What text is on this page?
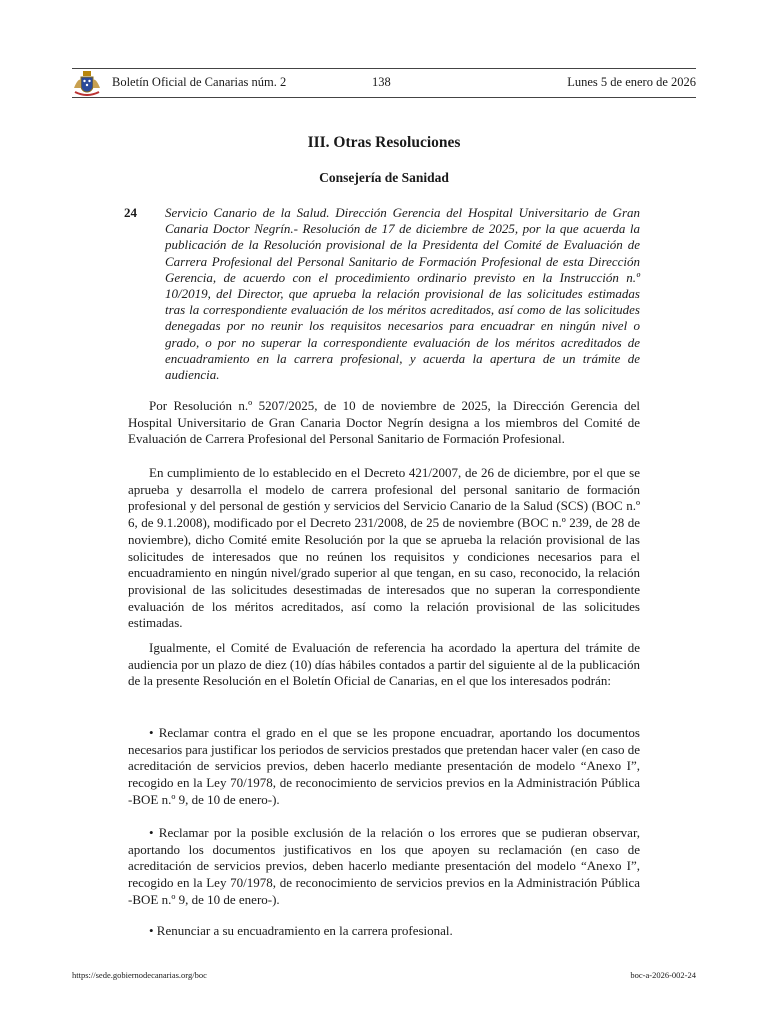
Boletín Oficial de Canarias núm. 2	138	Lunes 5 de enero de 2026
III. Otras Resoluciones
Consejería de Sanidad
24 Servicio Canario de la Salud. Dirección Gerencia del Hospital Universitario de Gran Canaria Doctor Negrín.- Resolución de 17 de diciembre de 2025, por la que acuerda la publicación de la Resolución provisional de la Presidenta del Comité de Evaluación de Carrera Profesional del Personal Sanitario de Formación Profesional de esta Dirección Gerencia, de acuerdo con el procedimiento ordinario previsto en la Instrucción n.º 10/2019, del Director, que aprueba la relación provisional de las solicitudes estimadas tras la correspondiente evaluación de los méritos acreditados, así como de las solicitudes denegadas por no reunir los requisitos necesarios para encuadrar en ningún nivel o grado, o por no superar la correspondiente evaluación de los méritos acreditados de encuadramiento en la carrera profesional, y acuerda la apertura de un trámite de audiencia.

Por Resolución n.º 5207/2025, de 10 de noviembre de 2025, la Dirección Gerencia del Hospital Universitario de Gran Canaria Doctor Negrín designa a los miembros del Comité de Evaluación de Carrera Profesional del Personal Sanitario de Formación Profesional.

En cumplimiento de lo establecido en el Decreto 421/2007, de 26 de diciembre, por el que se aprueba y desarrolla el modelo de carrera profesional del personal sanitario de formación profesional y del personal de gestión y servicios del Servicio Canario de la Salud (SCS) (BOC n.º 6, de 9.1.2008), modificado por el Decreto 231/2008, de 25 de noviembre (BOC n.º 239, de 28 de noviembre), dicho Comité emite Resolución por la que se aprueba la relación provisional de las solicitudes de interesados que no reúnen los requisitos y condiciones necesarios para el encuadramiento en ningún nivel/grado superior al que tengan, en su caso, reconocido, la relación provisional de las solicitudes desestimadas de interesados que no superan la correspondiente evaluación de los méritos acreditados, así como la relación provisional de las solicitudes estimadas.

Igualmente, el Comité de Evaluación de referencia ha acordado la apertura del trámite de audiencia por un plazo de diez (10) días hábiles contados a partir del siguiente al de la publicación de la presente Resolución en el Boletín Oficial de Canarias, en el que los interesados podrán:

• Reclamar contra el grado en el que se les propone encuadrar, aportando los documentos necesarios para justificar los periodos de servicios prestados que pretendan hacer valer (en caso de acreditación de servicios previos, deben hacerlo mediante presentación de modelo “Anexo I”, recogido en la Ley 70/1978, de reconocimiento de servicios previos en la Administración Pública -BOE n.º 9, de 10 de enero-).

• Reclamar por la posible exclusión de la relación o los errores que se pudieran observar, aportando los documentos justificativos en los que apoyen su reclamación (en caso de acreditación de servicios previos, deben hacerlo mediante presentación del modelo “Anexo I”, recogido en la Ley 70/1978, de reconocimiento de servicios previos en la Administración Pública -BOE n.º 9, de 10 de enero-).

• Renunciar a su encuadramiento en la carrera profesional.

https://sede.gobiernodecanarias.org/boc	boc-a-2026-002-24
